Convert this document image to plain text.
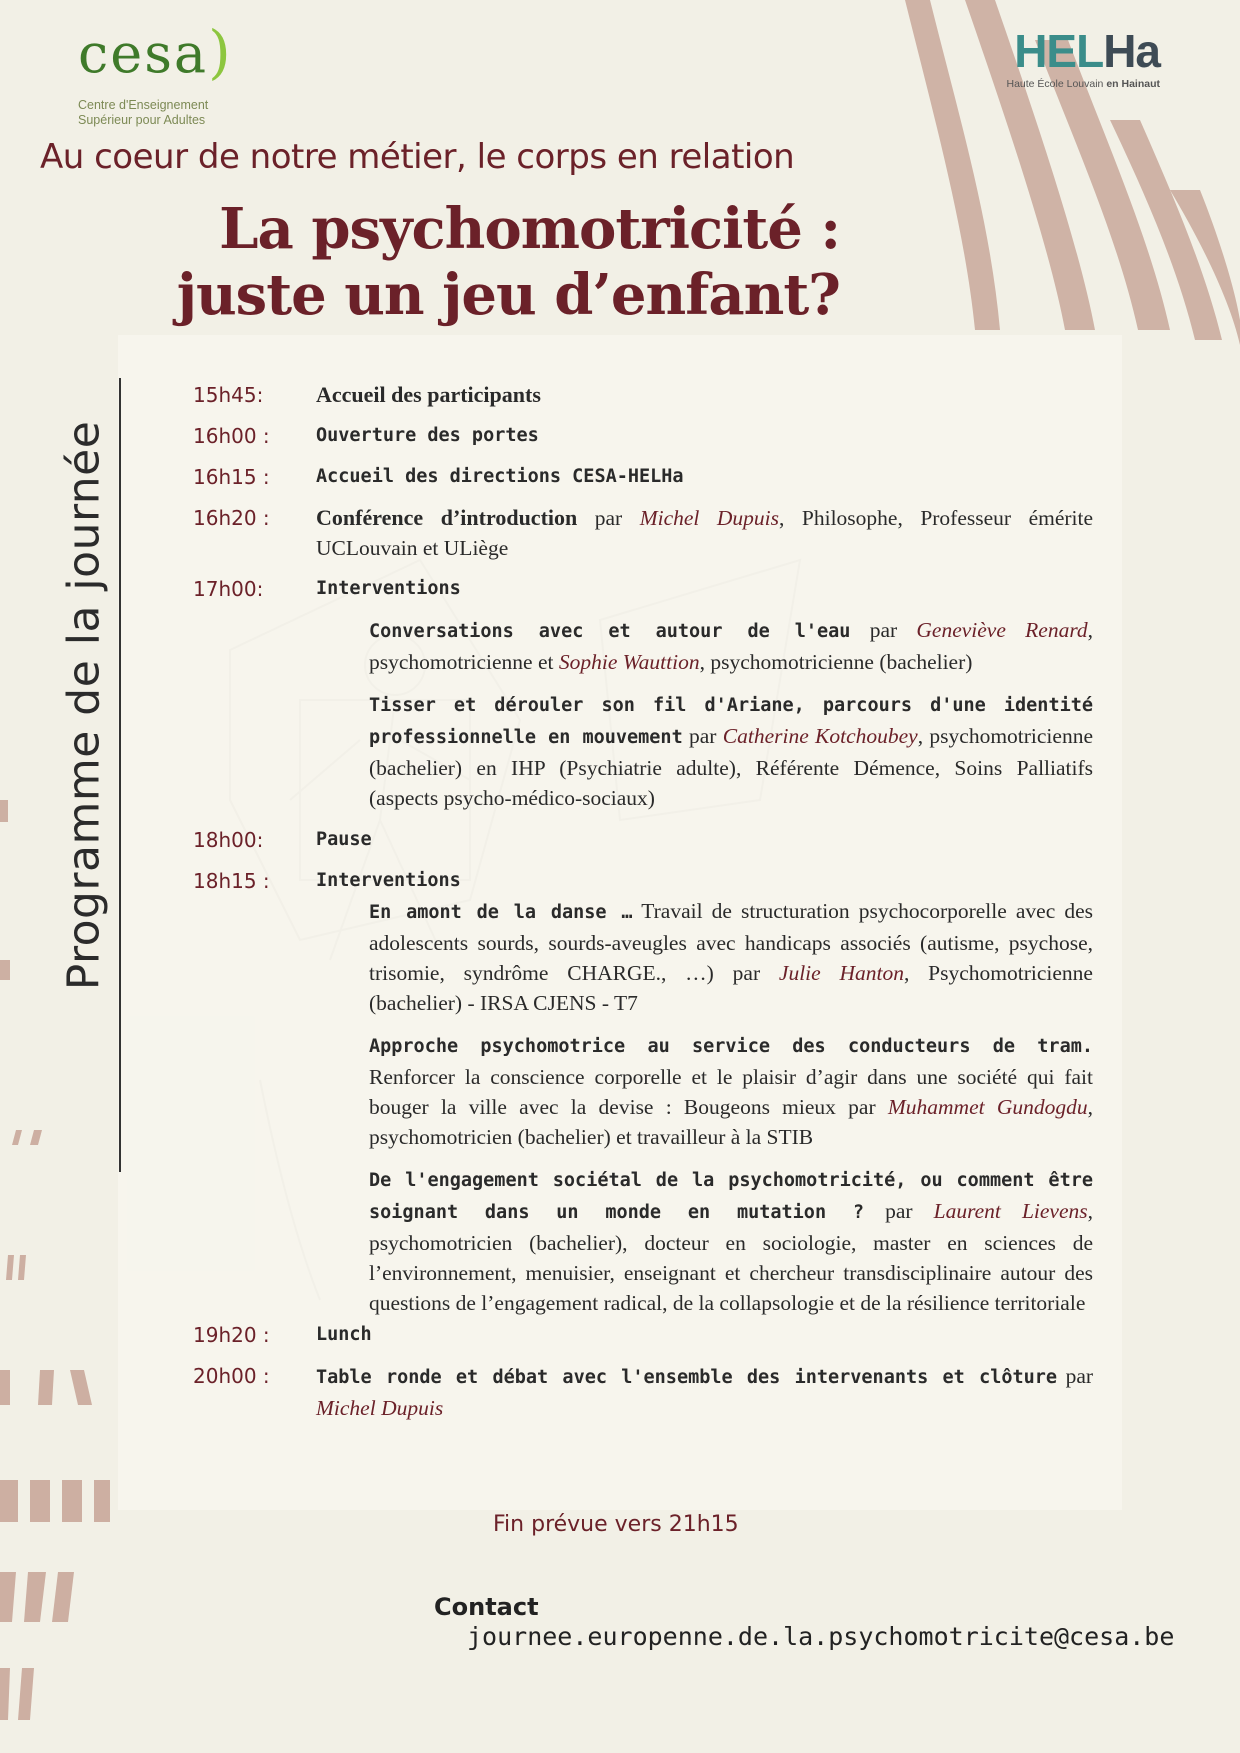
cesa)
Centre d'Enseignement
Supérieur pour Adultes
HELHa
Haute École Louvain en Hainaut
Au coeur de notre métier, le corps en relation
La psychomotricité :
juste un jeu d’enfant?
Programme de la journée
15h45:	Accueil des participants
16h00 :	Ouverture des portes
16h15 :	Accueil des directions CESA-HELHa
16h20 :	Conférence d’introduction par Michel Dupuis, Philosophe, Professeur émérite UCLouvain et ULiège
17h00:	Interventions
Conversations avec et autour de l'eau par Geneviève Renard, psychomotricienne et Sophie Wauttion, psychomotricienne (bachelier)
Tisser et dérouler son fil d'Ariane, parcours d'une identité professionnelle en mouvement par Catherine Kotchoubey, psychomotricienne (bachelier) en IHP (Psychiatrie adulte), Référente Démence, Soins Palliatifs (aspects psycho-médico-sociaux)
18h00:	Pause
18h15 :	Interventions
En amont de la danse … Travail de structuration psychocorporelle avec des adolescents sourds, sourds-aveugles avec handicaps associés (autisme, psychose, trisomie, syndrôme CHARGE., …) par Julie Hanton, Psychomotricienne (bachelier) - IRSA CJENS - T7
Approche psychomotrice au service des conducteurs de tram. Renforcer la conscience corporelle et le plaisir d’agir dans une société qui fait bouger la ville avec la devise : Bougeons mieux par Muhammet Gundogdu, psychomotricien (bachelier) et travailleur à la STIB
De l'engagement sociétal de la psychomotricité, ou comment être soignant dans un monde en mutation ? par Laurent Lievens, psychomotricien (bachelier), docteur en sociologie, master en sciences de l’environnement, menuisier, enseignant et chercheur transdisciplinaire autour des questions de l’engagement radical, de la collapsologie et de la résilience territoriale
19h20 :	Lunch
20h00 :	Table ronde et débat avec l'ensemble des intervenants et clôture par Michel Dupuis
Fin prévue vers 21h15
Contact
journee.europenne.de.la.psychomotricite@cesa.be
